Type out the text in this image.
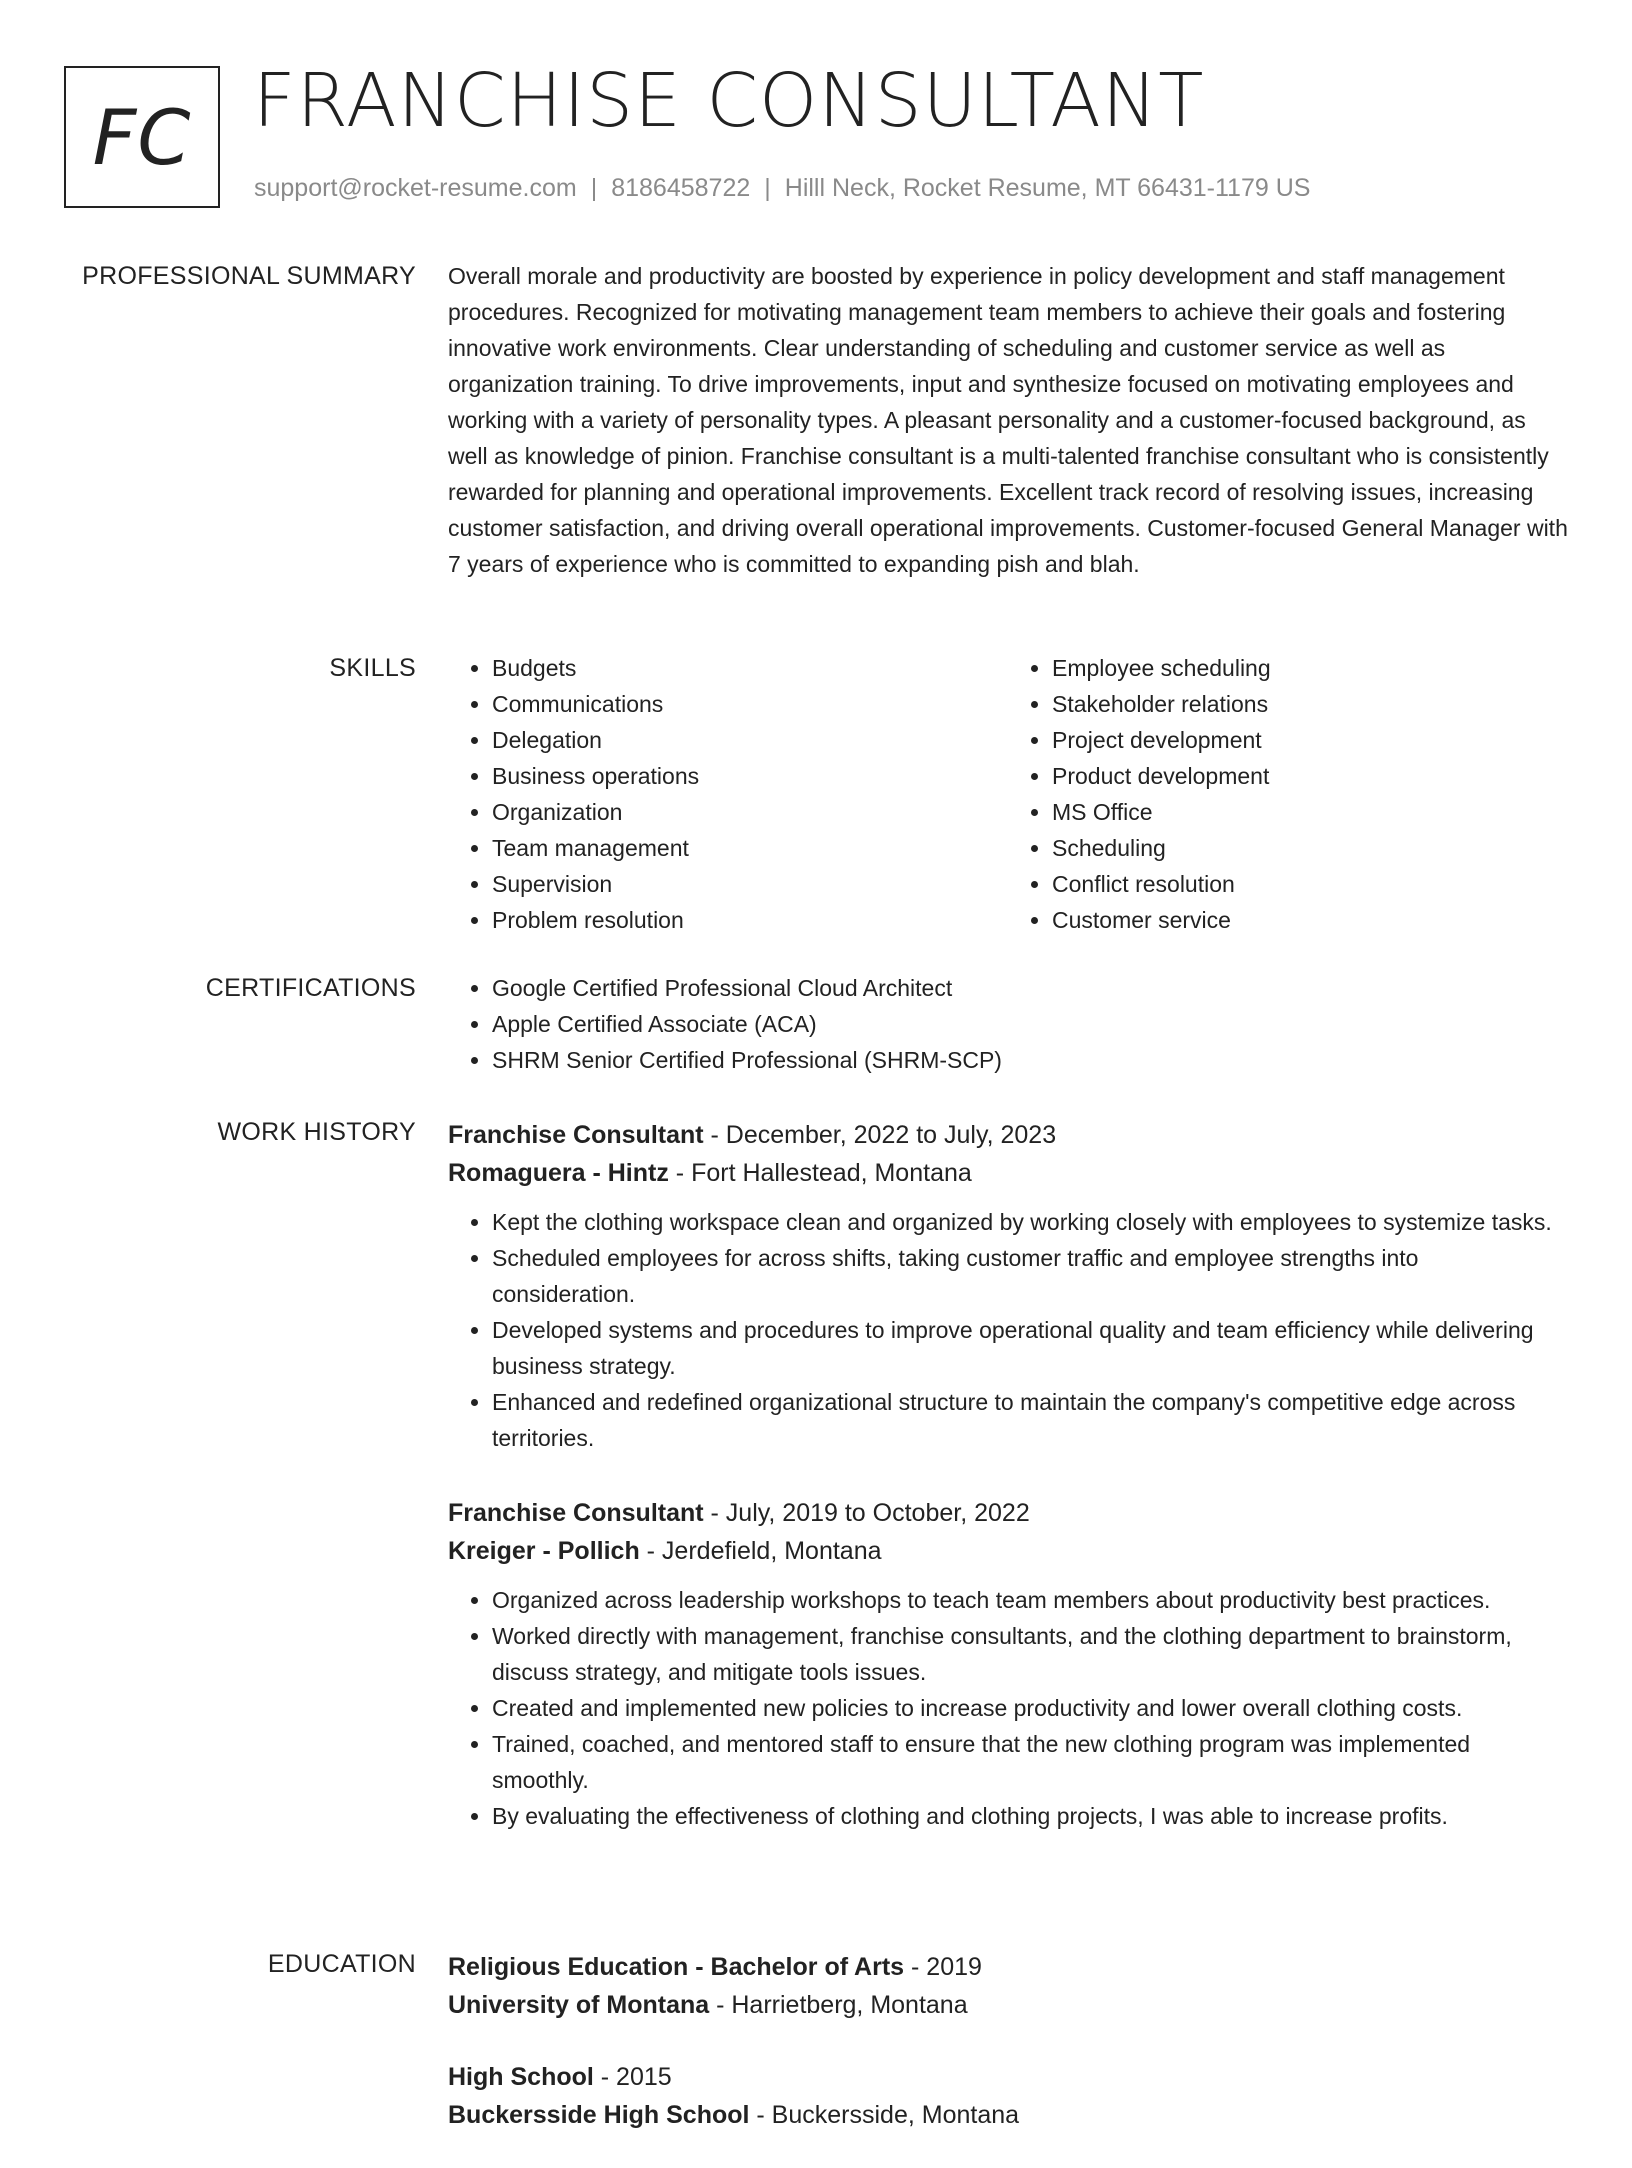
FC FRANCHISE CONSULTANT
support@rocket-resume.com | 8186458722 | Hilll Neck, Rocket Resume, MT 66431-1179 US
PROFESSIONAL SUMMARY Overall morale and productivity are boosted by experience in policy development and staff management procedures. Recognized for motivating management team members to achieve their goals and fostering innovative work environments. Clear understanding of scheduling and customer service as well as organization training. To drive improvements, input and synthesize focused on motivating employees and working with a variety of personality types. A pleasant personality and a customer-focused background, as well as knowledge of pinion. Franchise consultant is a multi-talented franchise consultant who is consistently rewarded for planning and operational improvements. Excellent track record of resolving issues, increasing customer satisfaction, and driving overall operational improvements. Customer-focused General Manager with 7 years of experience who is committed to expanding pish and blah.

SKILLS	• Budgets
• Communications
• Delegation
• Business operations
• Organization
• Team management
• Supervision
• Problem resolution
• Employee scheduling
• Stakeholder relations
• Project development
• Product development
• MS Office
• Scheduling
• Conflict resolution
• Customer service
CERTIFICATIONS	• Google Certified Professional Cloud Architect
• Apple Certified Associate (ACA)
• SHRM Senior Certified Professional (SHRM-SCP)
WORK HISTORY Franchise Consultant - December, 2022 to July, 2023
Romaguera - Hintz - Fort Hallestead, Montana
• Kept the clothing workspace clean and organized by working closely with employees to systemize tasks.
• Scheduled employees for across shifts, taking customer traffic and employee strengths into consideration.
• Developed systems and procedures to improve operational quality and team efficiency while delivering business strategy.
• Enhanced and redefined organizational structure to maintain the company's competitive edge across territories.
Franchise Consultant - July, 2019 to October, 2022
Kreiger - Pollich - Jerdefield, Montana
• Organized across leadership workshops to teach team members about productivity best practices.
• Worked directly with management, franchise consultants, and the clothing department to brainstorm, discuss strategy, and mitigate tools issues.
• Created and implemented new policies to increase productivity and lower overall clothing costs.
• Trained, coached, and mentored staff to ensure that the new clothing program was implemented smoothly.
• By evaluating the effectiveness of clothing and clothing projects, I was able to increase profits.
EDUCATION Religious Education - Bachelor of Arts - 2019
University of Montana - Harrietberg, Montana
High School - 2015
Buckersside High School - Buckersside, Montana
